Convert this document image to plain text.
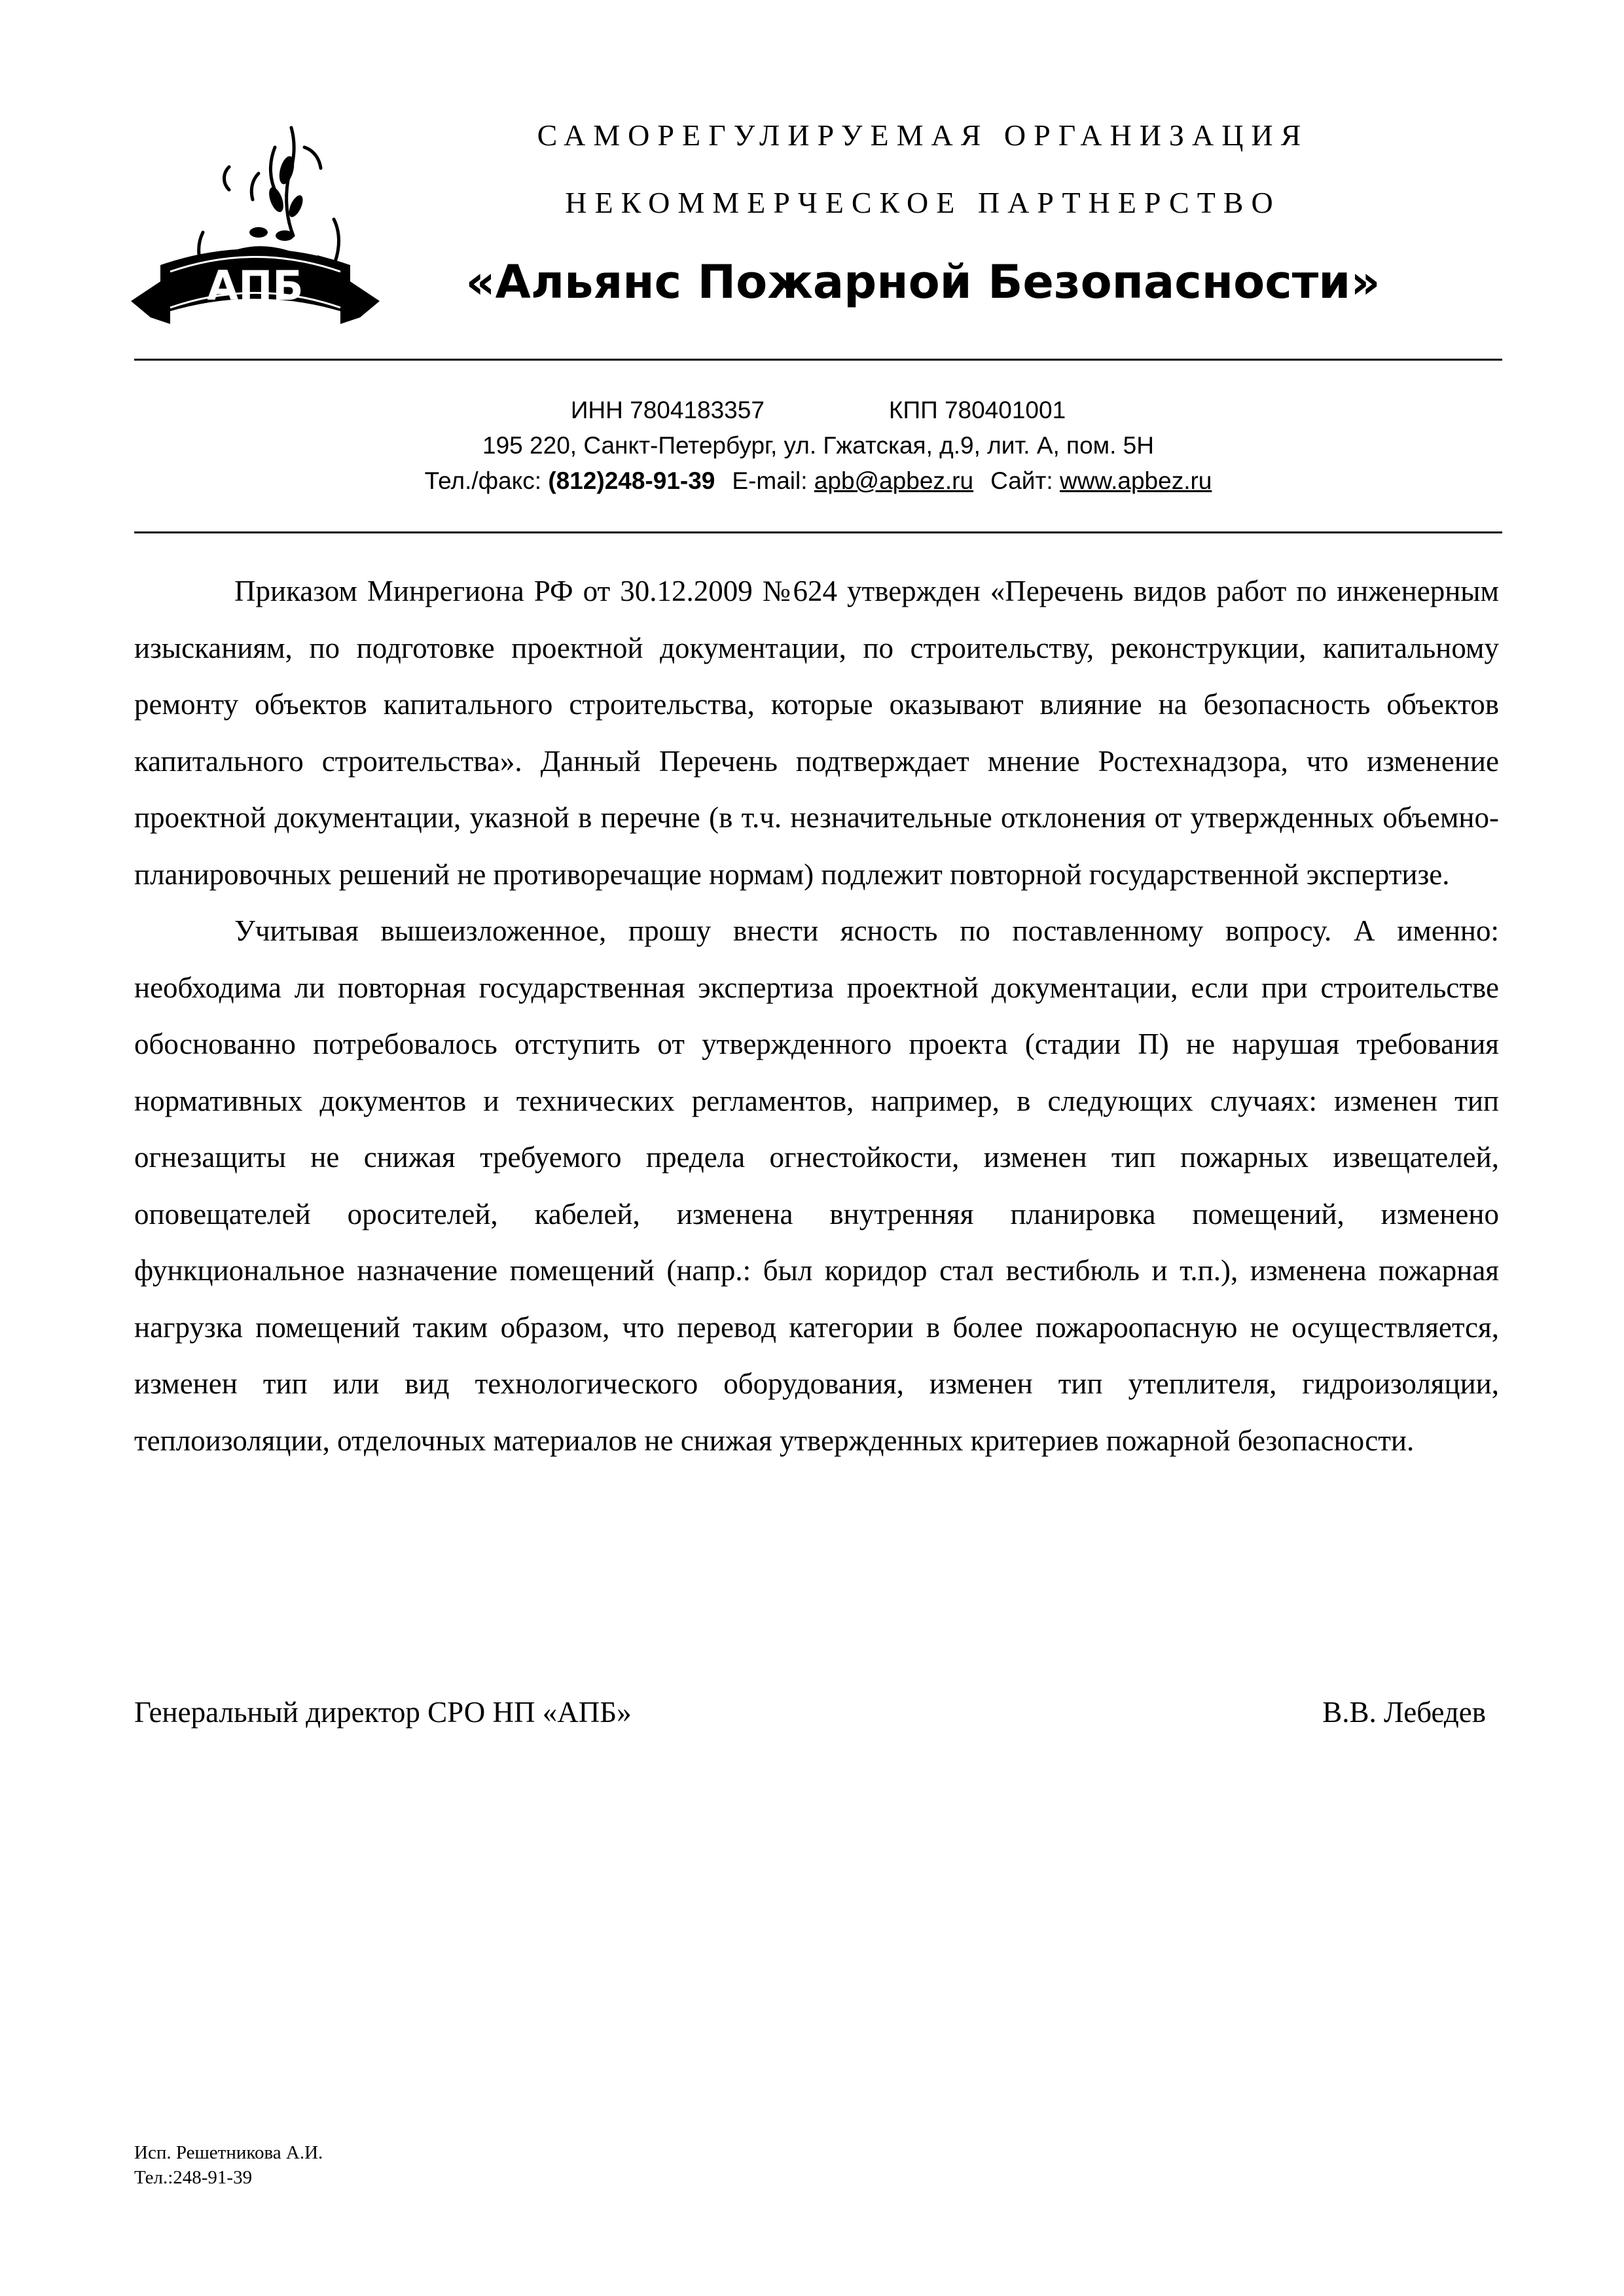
АПБ
САМОРЕГУЛИРУЕМАЯ ОРГАНИЗАЦИЯ
НЕКОММЕРЧЕСКОЕ ПАРТНЕРСТВО
«Альянс Пожарной Безопасности»
ИНН 7804183357	КПП 780401001
195 220, Санкт-Петербург, ул. Гжатская, д.9, лит. А, пом. 5Н
Тел./факс: (812)248-91-39 E-mail: apb@apbez.ru Сайт: www.apbez.ru

Приказом Минрегиона РФ от 30.12.2009 №624 утвержден «Перечень видов работ по инженерным изысканиям, по подготовке проектной документации, по строительству, реконструкции, капитальному ремонту объектов капитального строительства, которые оказывают влияние на безопасность объектов капитального строительства». Данный Перечень подтверждает мнение Ростехнадзора, что изменение проектной документации, указной в перечне (в т.ч. незначительные отклонения от утвержденных объемно-планировочных решений не противоречащие нормам) подлежит повторной государственной экспертизе.

Учитывая вышеизложенное, прошу внести ясность по поставленному вопросу. А именно: необходима ли повторная государственная экспертиза проектной документации, если при строительстве обоснованно потребовалось отступить от утвержденного проекта (стадии П) не нарушая требования нормативных документов и технических регламентов, например, в следующих случаях: изменен тип огнезащиты не снижая требуемого предела огнестойкости, изменен тип пожарных извещателей, оповещателей оросителей, кабелей, изменена внутренняя планировка помещений, изменено функциональное назначение помещений (напр.: был коридор стал вестибюль и т.п.), изменена пожарная нагрузка помещений таким образом, что перевод категории в более пожароопасную не осуществляется, изменен тип или вид технологического оборудования, изменен тип утеплителя, гидроизоляции, теплоизоляции, отделочных материалов не снижая утвержденных критериев пожарной безопасности.

Генеральный директор СРО НП «АПБ»	В.В. Лебедев
Исп. Решетникова А.И.
Тел.:248-91-39
